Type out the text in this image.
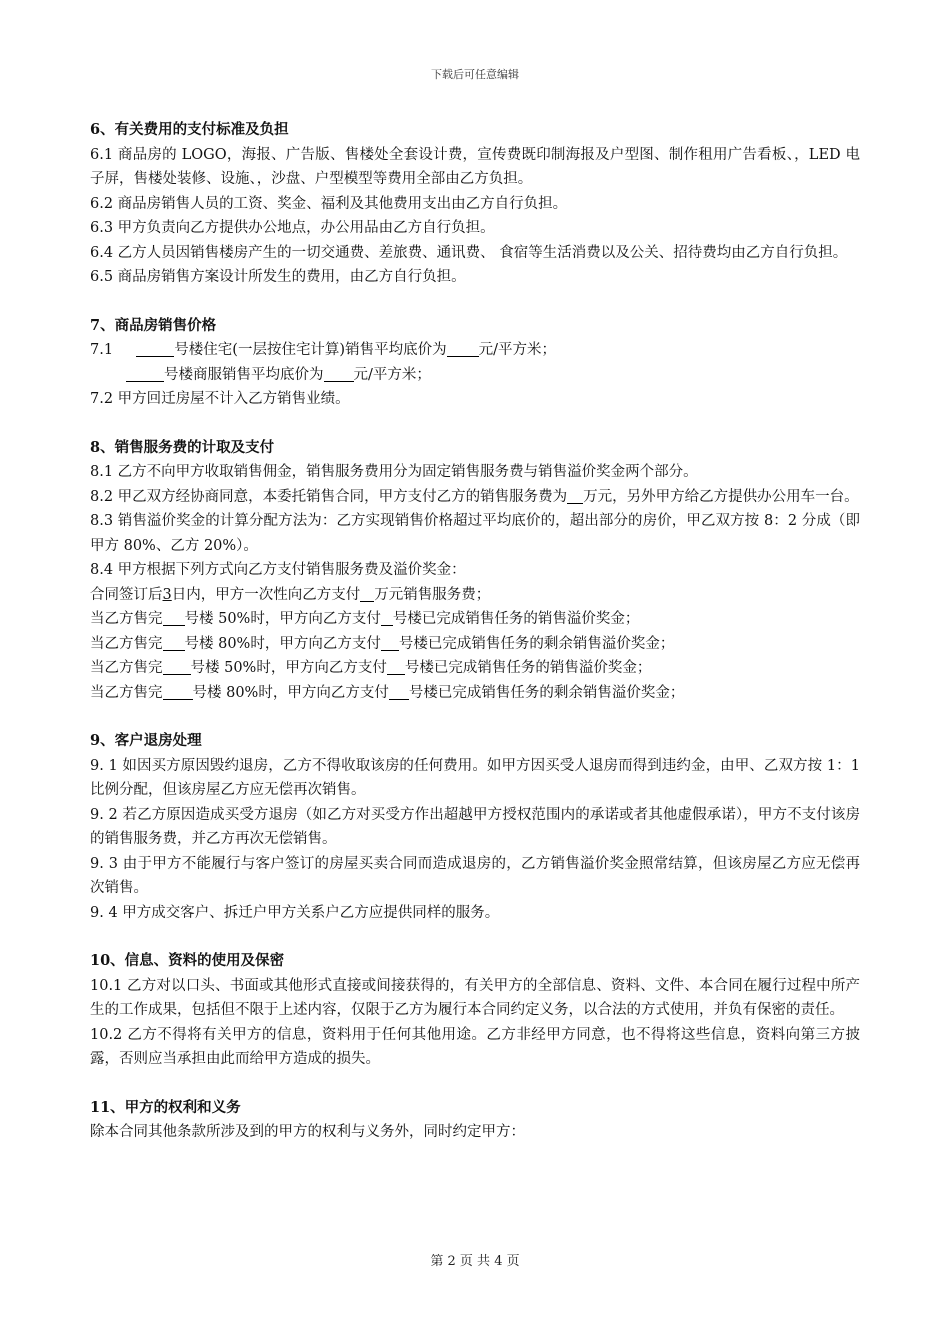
下载后可任意编辑
6、有关费用的支付标准及负担
6.1 商品房的 LOGO，海报、广告版、售楼处全套设计费，宣传费既印制海报及户型图、制作租用广告看板、，LED 电子屏，售楼处装修、设施、，沙盘、户型模型等费用全部由乙方负担。
6.2 商品房销售人员的工资、奖金、福利及其他费用支出由乙方自行负担。
6.3 甲方负责向乙方提供办公地点，办公用品由乙方自行负担。
6.4 乙方人员因销售楼房产生的一切交通费、差旅费、通讯费、 食宿等生活消费以及公关、招待费均由乙方自行负担。
6.5 商品房销售方案设计所发生的费用，由乙方自行负担。
7、商品房销售价格
7.1	号楼住宅(一层按住宅计算)销售平均底价为 元/平方米；
号楼商服销售平均底价为 元/平方米；
7.2 甲方回迁房屋不计入乙方销售业绩。
8、销售服务费的计取及支付
8.1 乙方不向甲方收取销售佣金，销售服务费用分为固定销售服务费与销售溢价奖金两个部分。
8.2 甲乙双方经协商同意，本委托销售合同，甲方支付乙方的销售服务费为 万元，另外甲方给乙方提供办公用车一台。
8.3 销售溢价奖金的计算分配方法为：乙方实现销售价格超过平均底价的，超出部分的房价，甲乙双方按 8：2 分成（即甲方 80%、乙方 20%）。
8.4 甲方根据下列方式向乙方支付销售服务费及溢价奖金：
合同签订后3日内，甲方一次性向乙方支付 万元销售服务费；
当乙方售完 号楼 50%时，甲方向乙方支付 号楼已完成销售任务的销售溢价奖金；
当乙方售完 号楼 80%时，甲方向乙方支付 号楼已完成销售任务的剩余销售溢价奖金；
当乙方售完 号楼 50%时，甲方向乙方支付 号楼已完成销售任务的销售溢价奖金；
当乙方售完 号楼 80%时，甲方向乙方支付 号楼已完成销售任务的剩余销售溢价奖金；
9、客户退房处理
9. 1 如因买方原因毁约退房，乙方不得收取该房的任何费用。如甲方因买受人退房而得到违约金，由甲、乙双方按 1：1 比例分配，但该房屋乙方应无偿再次销售。
9. 2 若乙方原因造成买受方退房（如乙方对买受方作出超越甲方授权范围内的承诺或者其他虚假承诺），甲方不支付该房的销售服务费，并乙方再次无偿销售。
9. 3 由于甲方不能履行与客户签订的房屋买卖合同而造成退房的，乙方销售溢价奖金照常结算，但该房屋乙方应无偿再次销售。
9. 4 甲方成交客户、拆迁户甲方关系户乙方应提供同样的服务。
10、信息、资料的使用及保密
10.1 乙方对以口头、书面或其他形式直接或间接获得的，有关甲方的全部信息、资料、文件、本合同在履行过程中所产生的工作成果，包括但不限于上述内容，仅限于乙方为履行本合同约定义务，以合法的方式使用，并负有保密的责任。
10.2 乙方不得将有关甲方的信息，资料用于任何其他用途。乙方非经甲方同意，也不得将这些信息，资料向第三方披露，否则应当承担由此而给甲方造成的损失。
11、甲方的权利和义务
除本合同其他条款所涉及到的甲方的权利与义务外，同时约定甲方：
第 2 页 共 4 页
